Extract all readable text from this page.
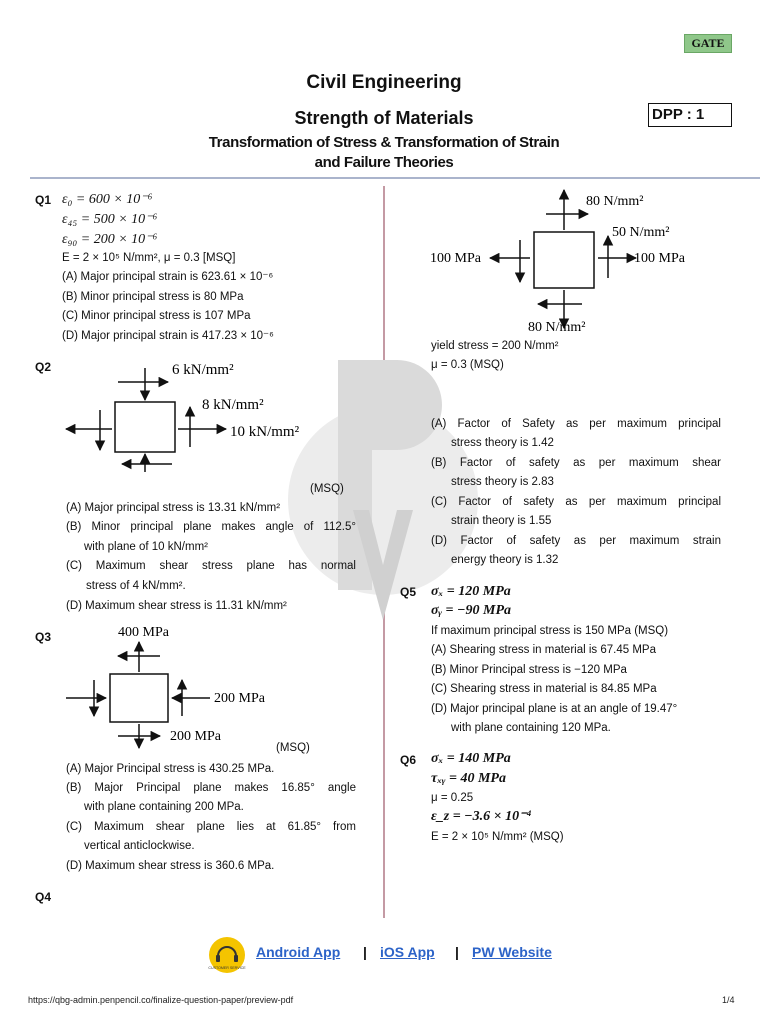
GATE
Civil Engineering
Strength of Materials
Transformation of Stress & Transformation of Strain
and Failure Theories
DPP : 1
Q1 ε₀ = 600 × 10⁻⁶
ε₄₅ = 500 × 10⁻⁶
ε₉₀ = 200 × 10⁻⁶
E = 2 × 10⁵ N/mm², μ = 0.3 [MSQ]
(A) Major principal strain is 623.61 × 10⁻⁶
(B) Minor principal stress is 80 MPa
(C) Minor principal stress is 107 MPa
(D) Major principal strain is 417.23 × 10⁻⁶
Q2	6 kN/mm²
8 kN/mm²
10 kN/mm²
(MSQ)
(A) Major principal stress is 13.31 kN/mm²
(B) Minor principal plane makes angle of 112.5°
with plane of 10 kN/mm²
(C) Maximum shear stress plane has normal
stress of 4 kN/mm².
(D) Maximum shear stress is 11.31 kN/mm²
Q3	400 MPa
200 MPa
200 MPa
(MSQ)
(A) Major Principal stress is 430.25 MPa.
(B) Major Principal plane makes 16.85° angle
with plane containing 200 MPa.
(C) Maximum shear plane lies at 61.85° from
vertical anticlockwise.
(D) Maximum shear stress is 360.6 MPa.
Q4
80 N/mm²
50 N/mm²
100 MPa	100 MPa
80 N/mm²
yield stress = 200 N/mm²
μ = 0.3 (MSQ)
(A) Factor of Safety as per maximum principal
stress theory is 1.42
(B) Factor of safety as per maximum shear
stress theory is 2.83
(C) Factor of safety as per maximum principal
strain theory is 1.55
(D) Factor of safety as per maximum strain
energy theory is 1.32
Q5 σₓ = 120 MPa
σᵧ = −90 MPa
If maximum principal stress is 150 MPa (MSQ)
(A) Shearing stress in material is 67.45 MPa
(B) Minor Principal stress is −120 MPa
(C) Shearing stress in material is 84.85 MPa
(D) Major principal plane is at an angle of 19.47°
with plane containing 120 MPa.
Q6 σₓ = 140 MPa
τₓᵧ = 40 MPa
μ = 0.25
ε_z = −3.6 × 10⁻⁴
E = 2 × 10⁵ N/mm² (MSQ)
CUSTOMER SERVICE
Android App | iOS App | PW Website
https://qbg-admin.penpencil.co/finalize-question-paper/preview-pdf	1/4
